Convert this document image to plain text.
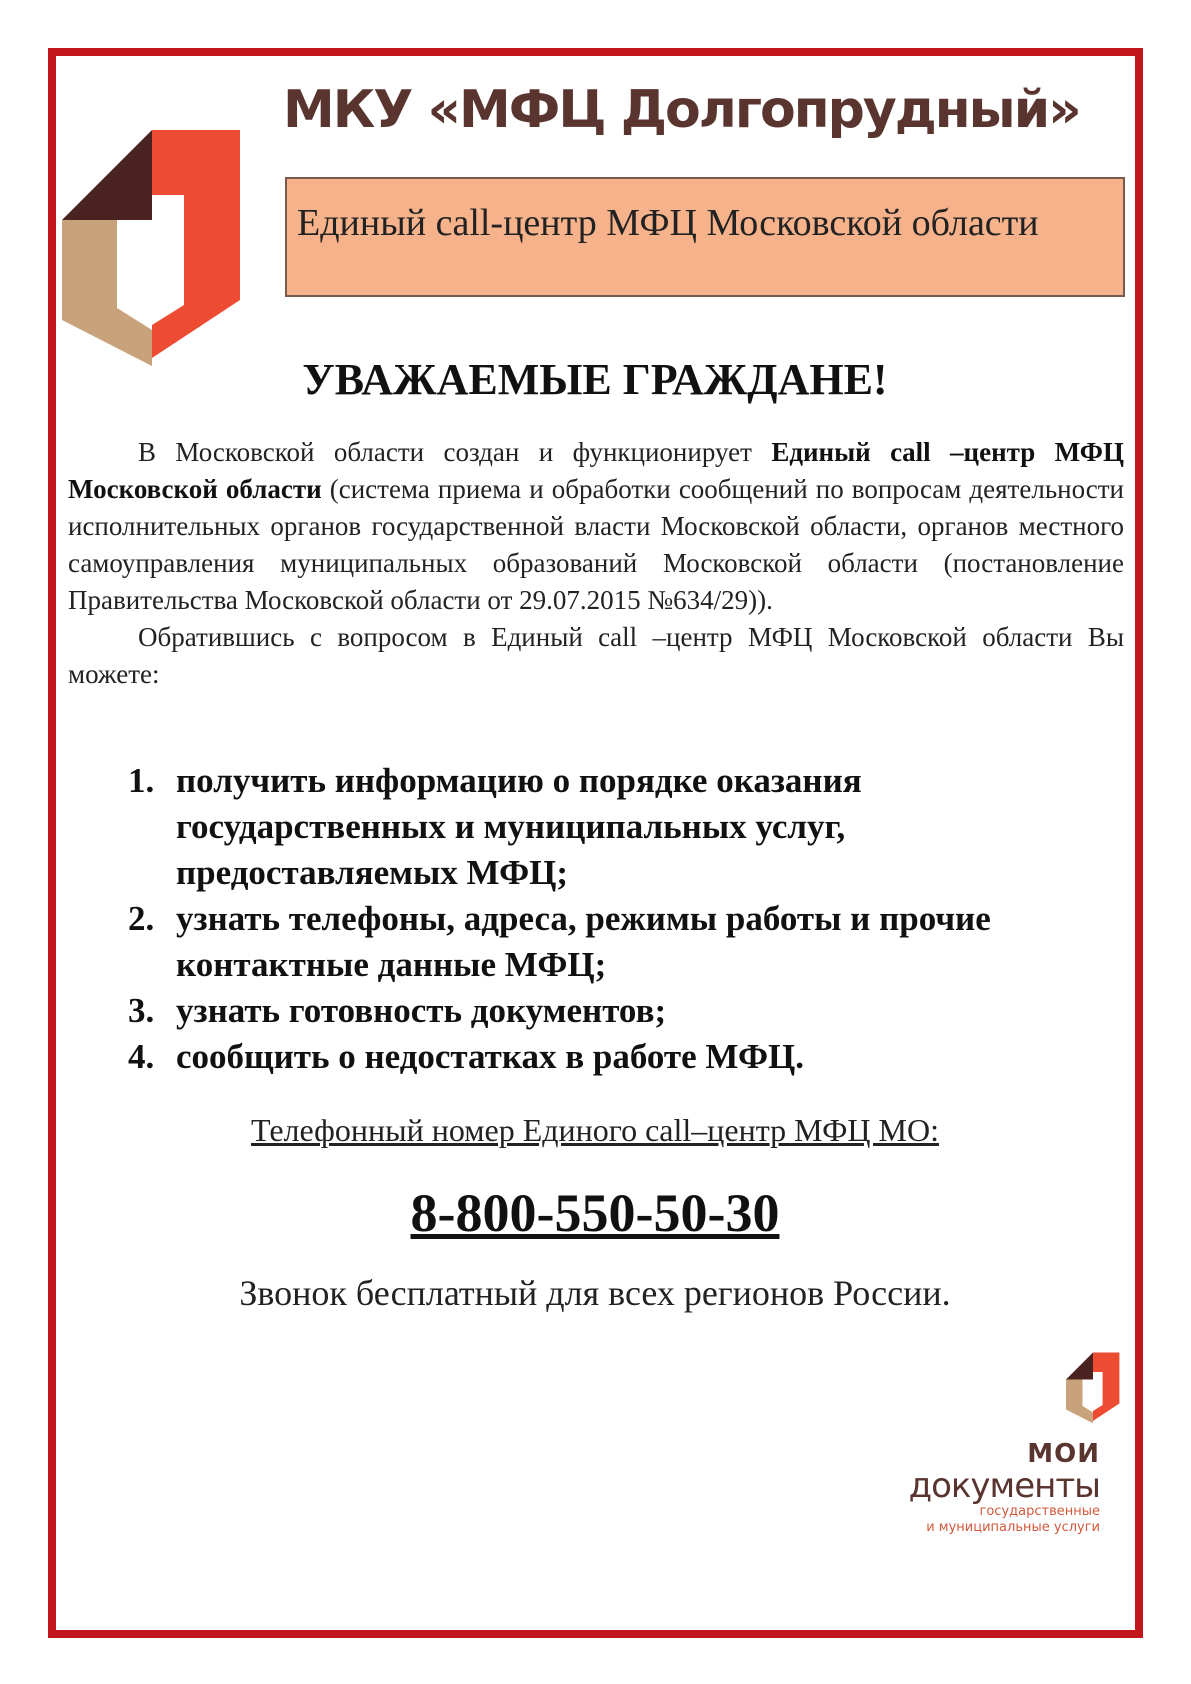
МКУ «МФЦ Долгопрудный»
Единый call-центр МФЦ Московской области
УВАЖАЕМЫЕ ГРАЖДАНЕ!

В Московской области создан и функционирует Единый call –центр МФЦ Московской области (система приема и обработки сообщений по вопросам деятельности исполнительных органов государственной власти Московской области, органов местного самоуправления муниципальных образований Московской области (постановление Правительства Московской области от 29.07.2015 №634/29)).

Обратившись с вопросом в Единый call –центр МФЦ Московской области Вы можете:

1. получить информацию о порядке оказания государственных и муниципальных услуг, предоставляемых МФЦ;
2. узнать телефоны, адреса, режимы работы и прочие контактные данные МФЦ;
3. узнать готовность документов;
4. сообщить о недостатках в работе МФЦ.
Телефонный номер Единого call–центр МФЦ МО:
8-800-550-50-30
Звонок бесплатный для всех регионов России.
МОИ
документы
государственные
и муниципальные услуги
